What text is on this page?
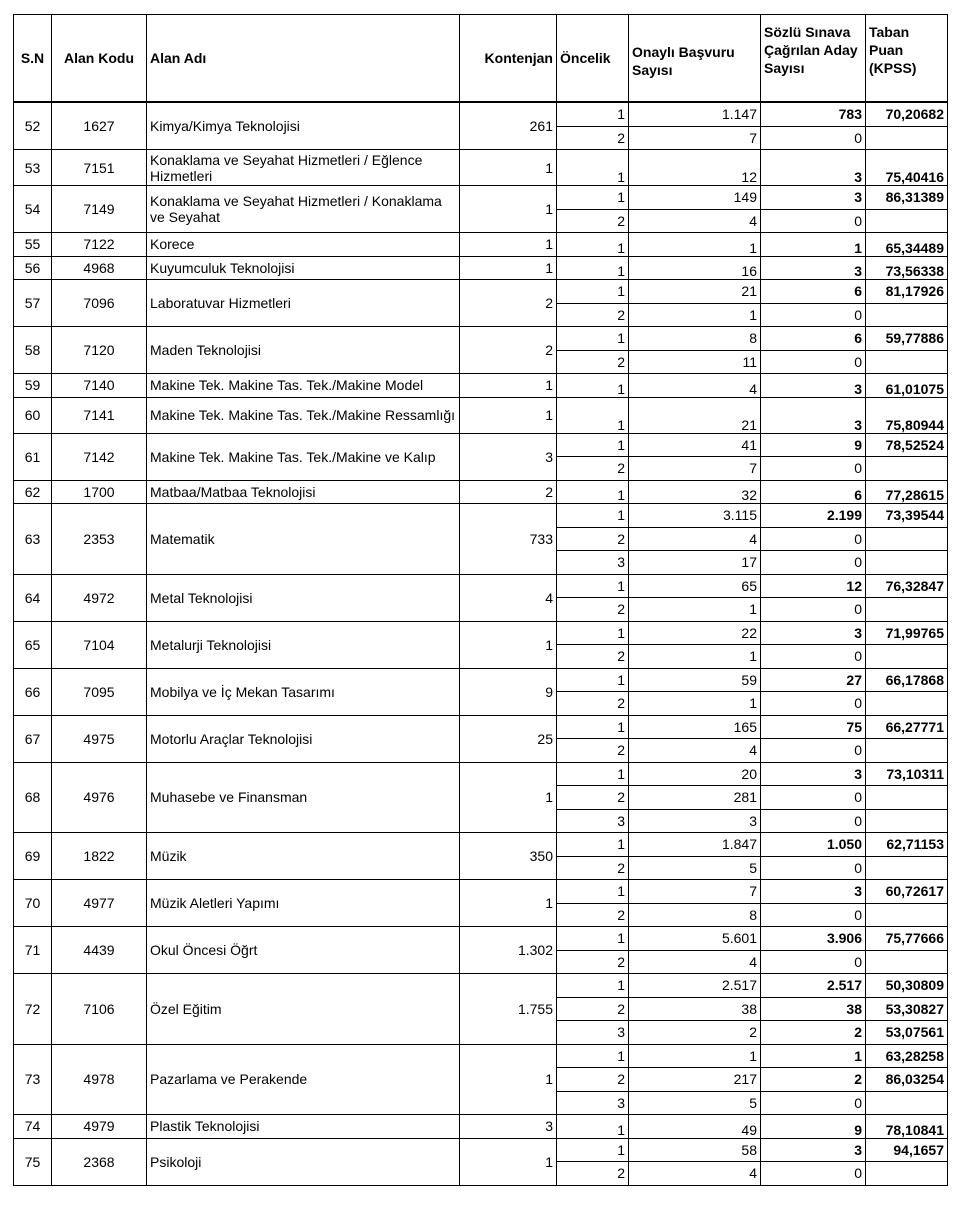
S.N	Alan Kodu	Alan Adı	Kontenjan	Öncelik	Onaylı Başvuru Sayısı	Sözlü Sınava Çağrılan Aday Sayısı	Taban Puan (KPSS)
52	1627	Kimya/Kimya Teknolojisi	261	1	1.147	783	70,20682
				2	7	0	
53	7151	Konaklama ve Seyahat Hizmetleri / Eğlence Hizmetleri	1	1	12	3	75,40416
54	7149	Konaklama ve Seyahat Hizmetleri / Konaklama ve Seyahat	1	1	149	3	86,31389
				2	4	0	
55	7122	Korece	1	1	1	1	65,34489
56	4968	Kuyumculuk Teknolojisi	1	1	16	3	73,56338
57	7096	Laboratuvar Hizmetleri	2	1	21	6	81,17926
				2	1	0	
58	7120	Maden Teknolojisi	2	1	8	6	59,77886
				2	11	0	
59	7140	Makine Tek. Makine Tas. Tek./Makine Model	1	1	4	3	61,01075
60	7141	Makine Tek. Makine Tas. Tek./Makine Ressamlığı	1	1	21	3	75,80944
61	7142	Makine Tek. Makine Tas. Tek./Makine ve Kalıp	3	1	41	9	78,52524
				2	7	0	
62	1700	Matbaa/Matbaa Teknolojisi	2	1	32	6	77,28615
63	2353	Matematik	733	1	3.115	2.199	73,39544
				2	4	0	
				3	17	0	
64	4972	Metal Teknolojisi	4	1	65	12	76,32847
				2	1	0	
65	7104	Metalurji Teknolojisi	1	1	22	3	71,99765
				2	1	0	
66	7095	Mobilya ve İç Mekan Tasarımı	9	1	59	27	66,17868
				2	1	0	
67	4975	Motorlu Araçlar Teknolojisi	25	1	165	75	66,27771
				2	4	0	
68	4976	Muhasebe ve Finansman	1	1	20	3	73,10311
				2	281	0	
				3	3	0	
69	1822	Müzik	350	1	1.847	1.050	62,71153
				2	5	0	
70	4977	Müzik Aletleri Yapımı	1	1	7	3	60,72617
				2	8	0	
71	4439	Okul Öncesi Öğrt	1.302	1	5.601	3.906	75,77666
				2	4	0	
72	7106	Özel Eğitim	1.755	1	2.517	2.517	50,30809
				2	38	38	53,30827
				3	2	2	53,07561
73	4978	Pazarlama ve Perakende	1	1	1	1	63,28258
				2	217	2	86,03254
				3	5	0	
74	4979	Plastik Teknolojisi	3	1	49	9	78,10841
75	2368	Psikoloji	1	1	58	3	94,1657
				2	4	0	
